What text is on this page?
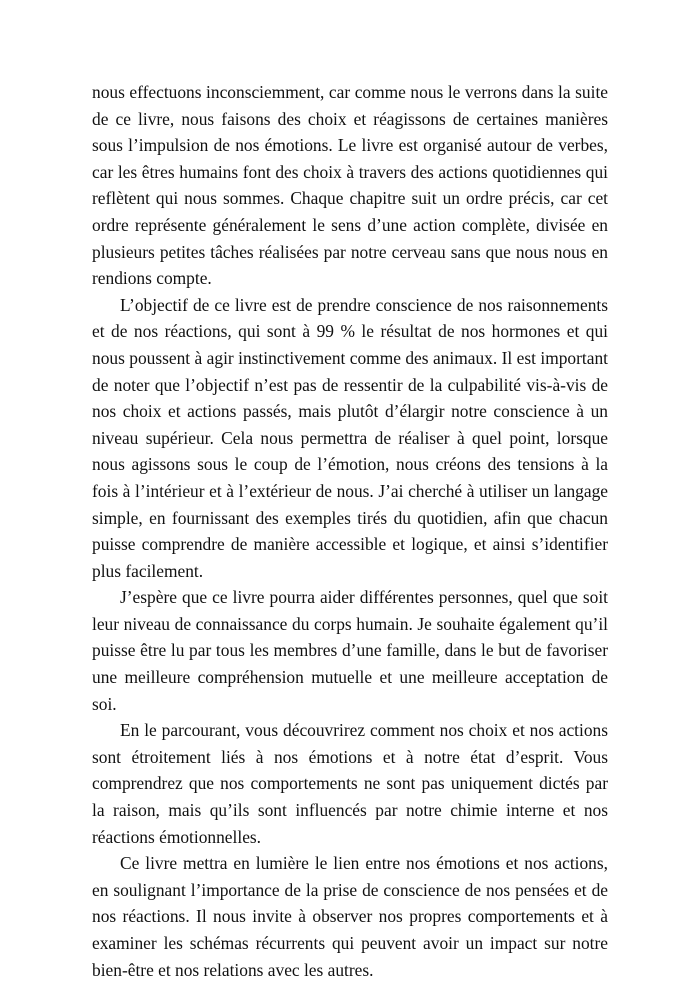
nous effectuons inconsciemment, car comme nous le verrons dans la suite de ce livre, nous faisons des choix et réagissons de certaines manières sous l’impulsion de nos émotions. Le livre est organisé autour de verbes, car les êtres humains font des choix à travers des actions quotidiennes qui reflètent qui nous sommes. Chaque chapitre suit un ordre précis, car cet ordre représente généralement le sens d’une action complète, divisée en plusieurs petites tâches réalisées par notre cerveau sans que nous nous en rendions compte.

L’objectif de ce livre est de prendre conscience de nos raisonnements et de nos réactions, qui sont à 99 % le résultat de nos hormones et qui nous poussent à agir instinctivement comme des animaux. Il est important de noter que l’objectif n’est pas de ressentir de la culpabilité vis-à-vis de nos choix et actions passés, mais plutôt d’élargir notre conscience à un niveau supérieur. Cela nous permettra de réaliser à quel point, lorsque nous agissons sous le coup de l’émotion, nous créons des tensions à la fois à l’intérieur et à l’extérieur de nous. J’ai cherché à utiliser un langage simple, en fournissant des exemples tirés du quotidien, afin que chacun puisse comprendre de manière accessible et logique, et ainsi s’identifier plus facilement.

J’espère que ce livre pourra aider différentes personnes, quel que soit leur niveau de connaissance du corps humain. Je souhaite également qu’il puisse être lu par tous les membres d’une famille, dans le but de favoriser une meilleure compréhension mutuelle et une meilleure acceptation de soi.

En le parcourant, vous découvrirez comment nos choix et nos actions sont étroitement liés à nos émotions et à notre état d’esprit. Vous comprendrez que nos comportements ne sont pas uniquement dictés par la raison, mais qu’ils sont influencés par notre chimie interne et nos réactions émotionnelles.

Ce livre mettra en lumière le lien entre nos émotions et nos actions, en soulignant l’importance de la prise de conscience de nos pensées et de nos réactions. Il nous invite à observer nos propres comportements et à examiner les schémas récurrents qui peuvent avoir un impact sur notre bien-être et nos relations avec les autres.
